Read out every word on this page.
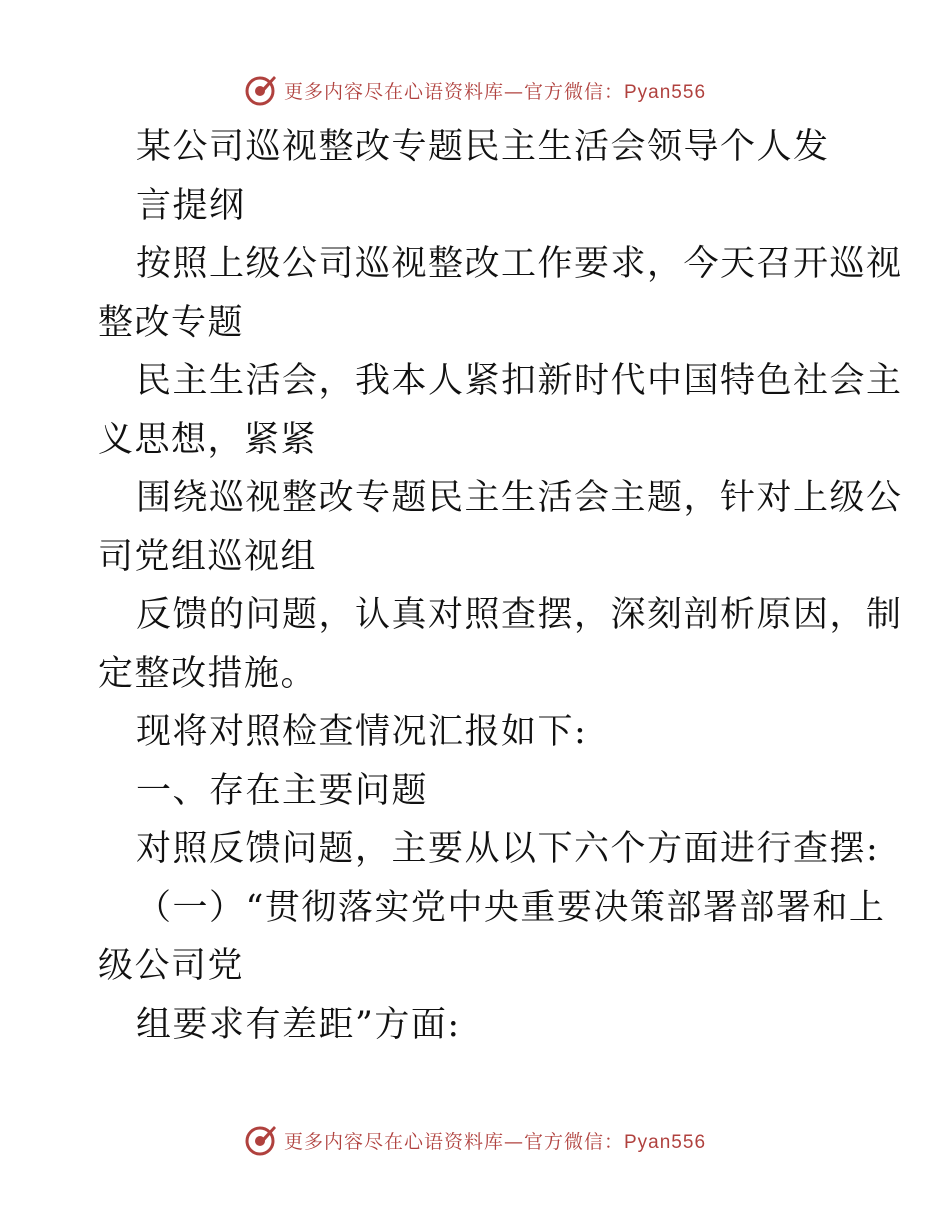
更多内容尽在心语资料库—官方微信：Pyan556
某公司巡视整改专题民主生活会领导个人发
言提纲
按照上级公司巡视整改工作要求，今天召开巡视
整改专题
民主生活会，我本人紧扣新时代中国特色社会主
义思想，紧紧
围绕巡视整改专题民主生活会主题，针对上级公
司党组巡视组
反馈的问题，认真对照查摆，深刻剖析原因，制
定整改措施。
现将对照检查情况汇报如下:
一、存在主要问题
对照反馈问题，主要从以下六个方面进行查摆:
（一）“贯彻落实党中央重要决策部署部署和上
级公司党
组要求有差距”方面:
更多内容尽在心语资料库—官方微信：Pyan556
